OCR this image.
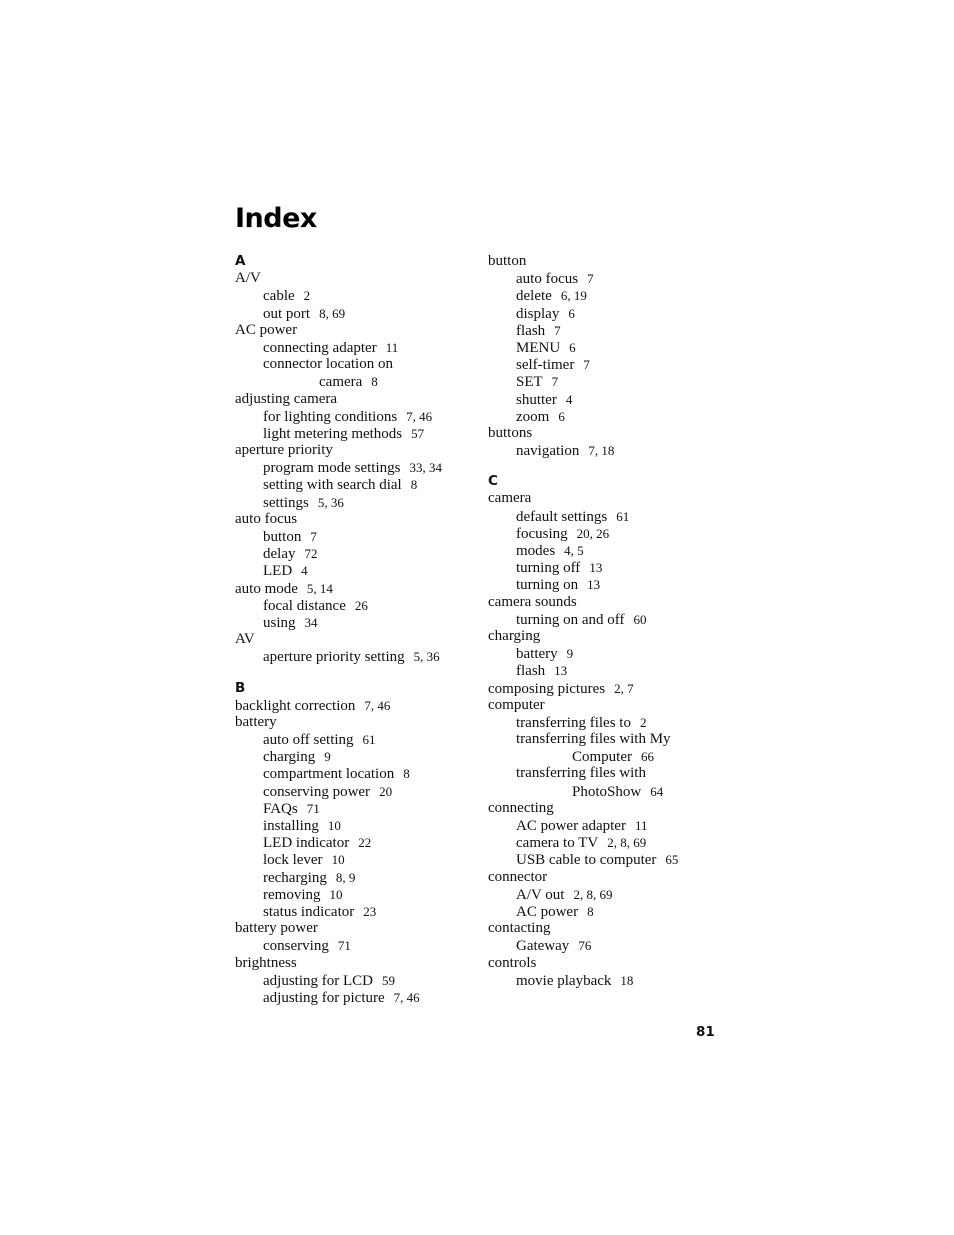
Index
A
A/V
cable 2
out port 8, 69
AC power
connecting adapter 11
connector location on
camera 8
adjusting camera
for lighting conditions 7, 46
light metering methods 57
aperture priority
program mode settings 33, 34
setting with search dial 8
settings 5, 36
auto focus
button 7
delay 72
LED 4
auto mode 5, 14
focal distance 26
using 34
AV
aperture priority setting 5, 36
B
backlight correction 7, 46
battery
auto off setting 61
charging 9
compartment location 8
conserving power 20
FAQs 71
installing 10
LED indicator 22
lock lever 10
recharging 8, 9
removing 10
status indicator 23
battery power
conserving 71
brightness
adjusting for LCD 59
adjusting for picture 7, 46
button
auto focus 7
delete 6, 19
display 6
flash 7
MENU 6
self-timer 7
SET 7
shutter 4
zoom 6
buttons
navigation 7, 18
C
camera
default settings 61
focusing 20, 26
modes 4, 5
turning off 13
turning on 13
camera sounds
turning on and off 60
charging
battery 9
flash 13
composing pictures 2, 7
computer
transferring files to 2
transferring files with My
Computer 66
transferring files with
PhotoShow 64
connecting
AC power adapter 11
camera to TV 2, 8, 69
USB cable to computer 65
connector
A/V out 2, 8, 69
AC power 8
contacting
Gateway 76
controls
movie playback 18
81
